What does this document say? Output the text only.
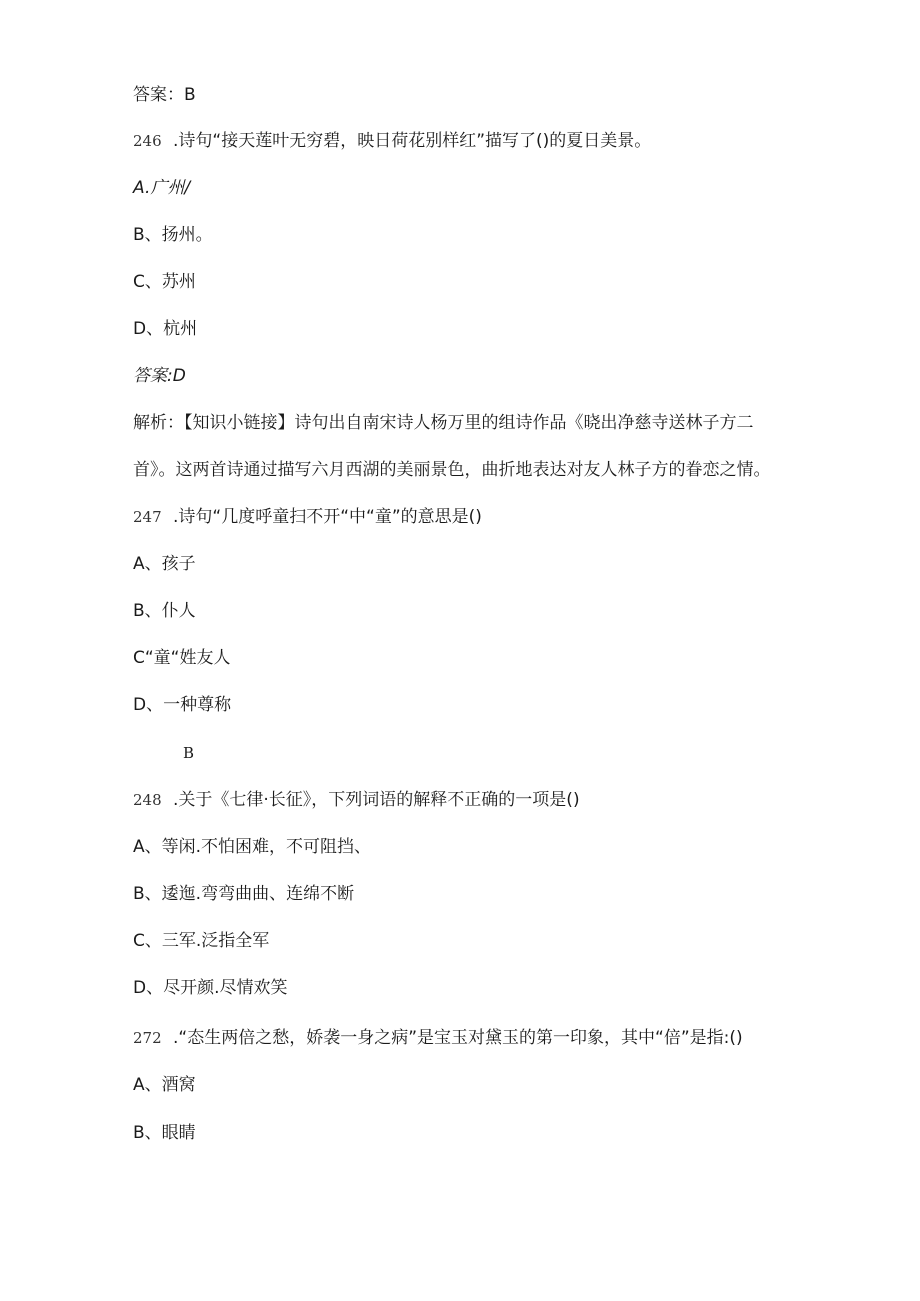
答案：B
246 .诗句“接天莲叶无穷碧，映日荷花别样红”描写了()的夏日美景。
A.广州/
B、扬州。
C、苏州
D、杭州
答案:D
解析：【知识小链接】诗句出自南宋诗人杨万里的组诗作品《晓出净慈寺送林子方二
首》。这两首诗通过描写六月西湖的美丽景色，曲折地表达对友人林子方的眷恋之情。
247 .诗句“几度呼童扫不开“中“童”的意思是()
A、孩子
B、仆人
C“童“姓友人
D、一种尊称
B
248 .关于《七律·长征》，下列词语的解释不正确的一项是()
A、等闲.不怕困难，不可阻挡、
B、逶迤.弯弯曲曲、连绵不断
C、三军.泛指全军
D、尽开颜.尽情欢笑
272 .“态生两倍之愁，娇袭一身之病”是宝玉对黛玉的第一印象，其中“倍”是指:()
A、酒窝
B、眼睛
